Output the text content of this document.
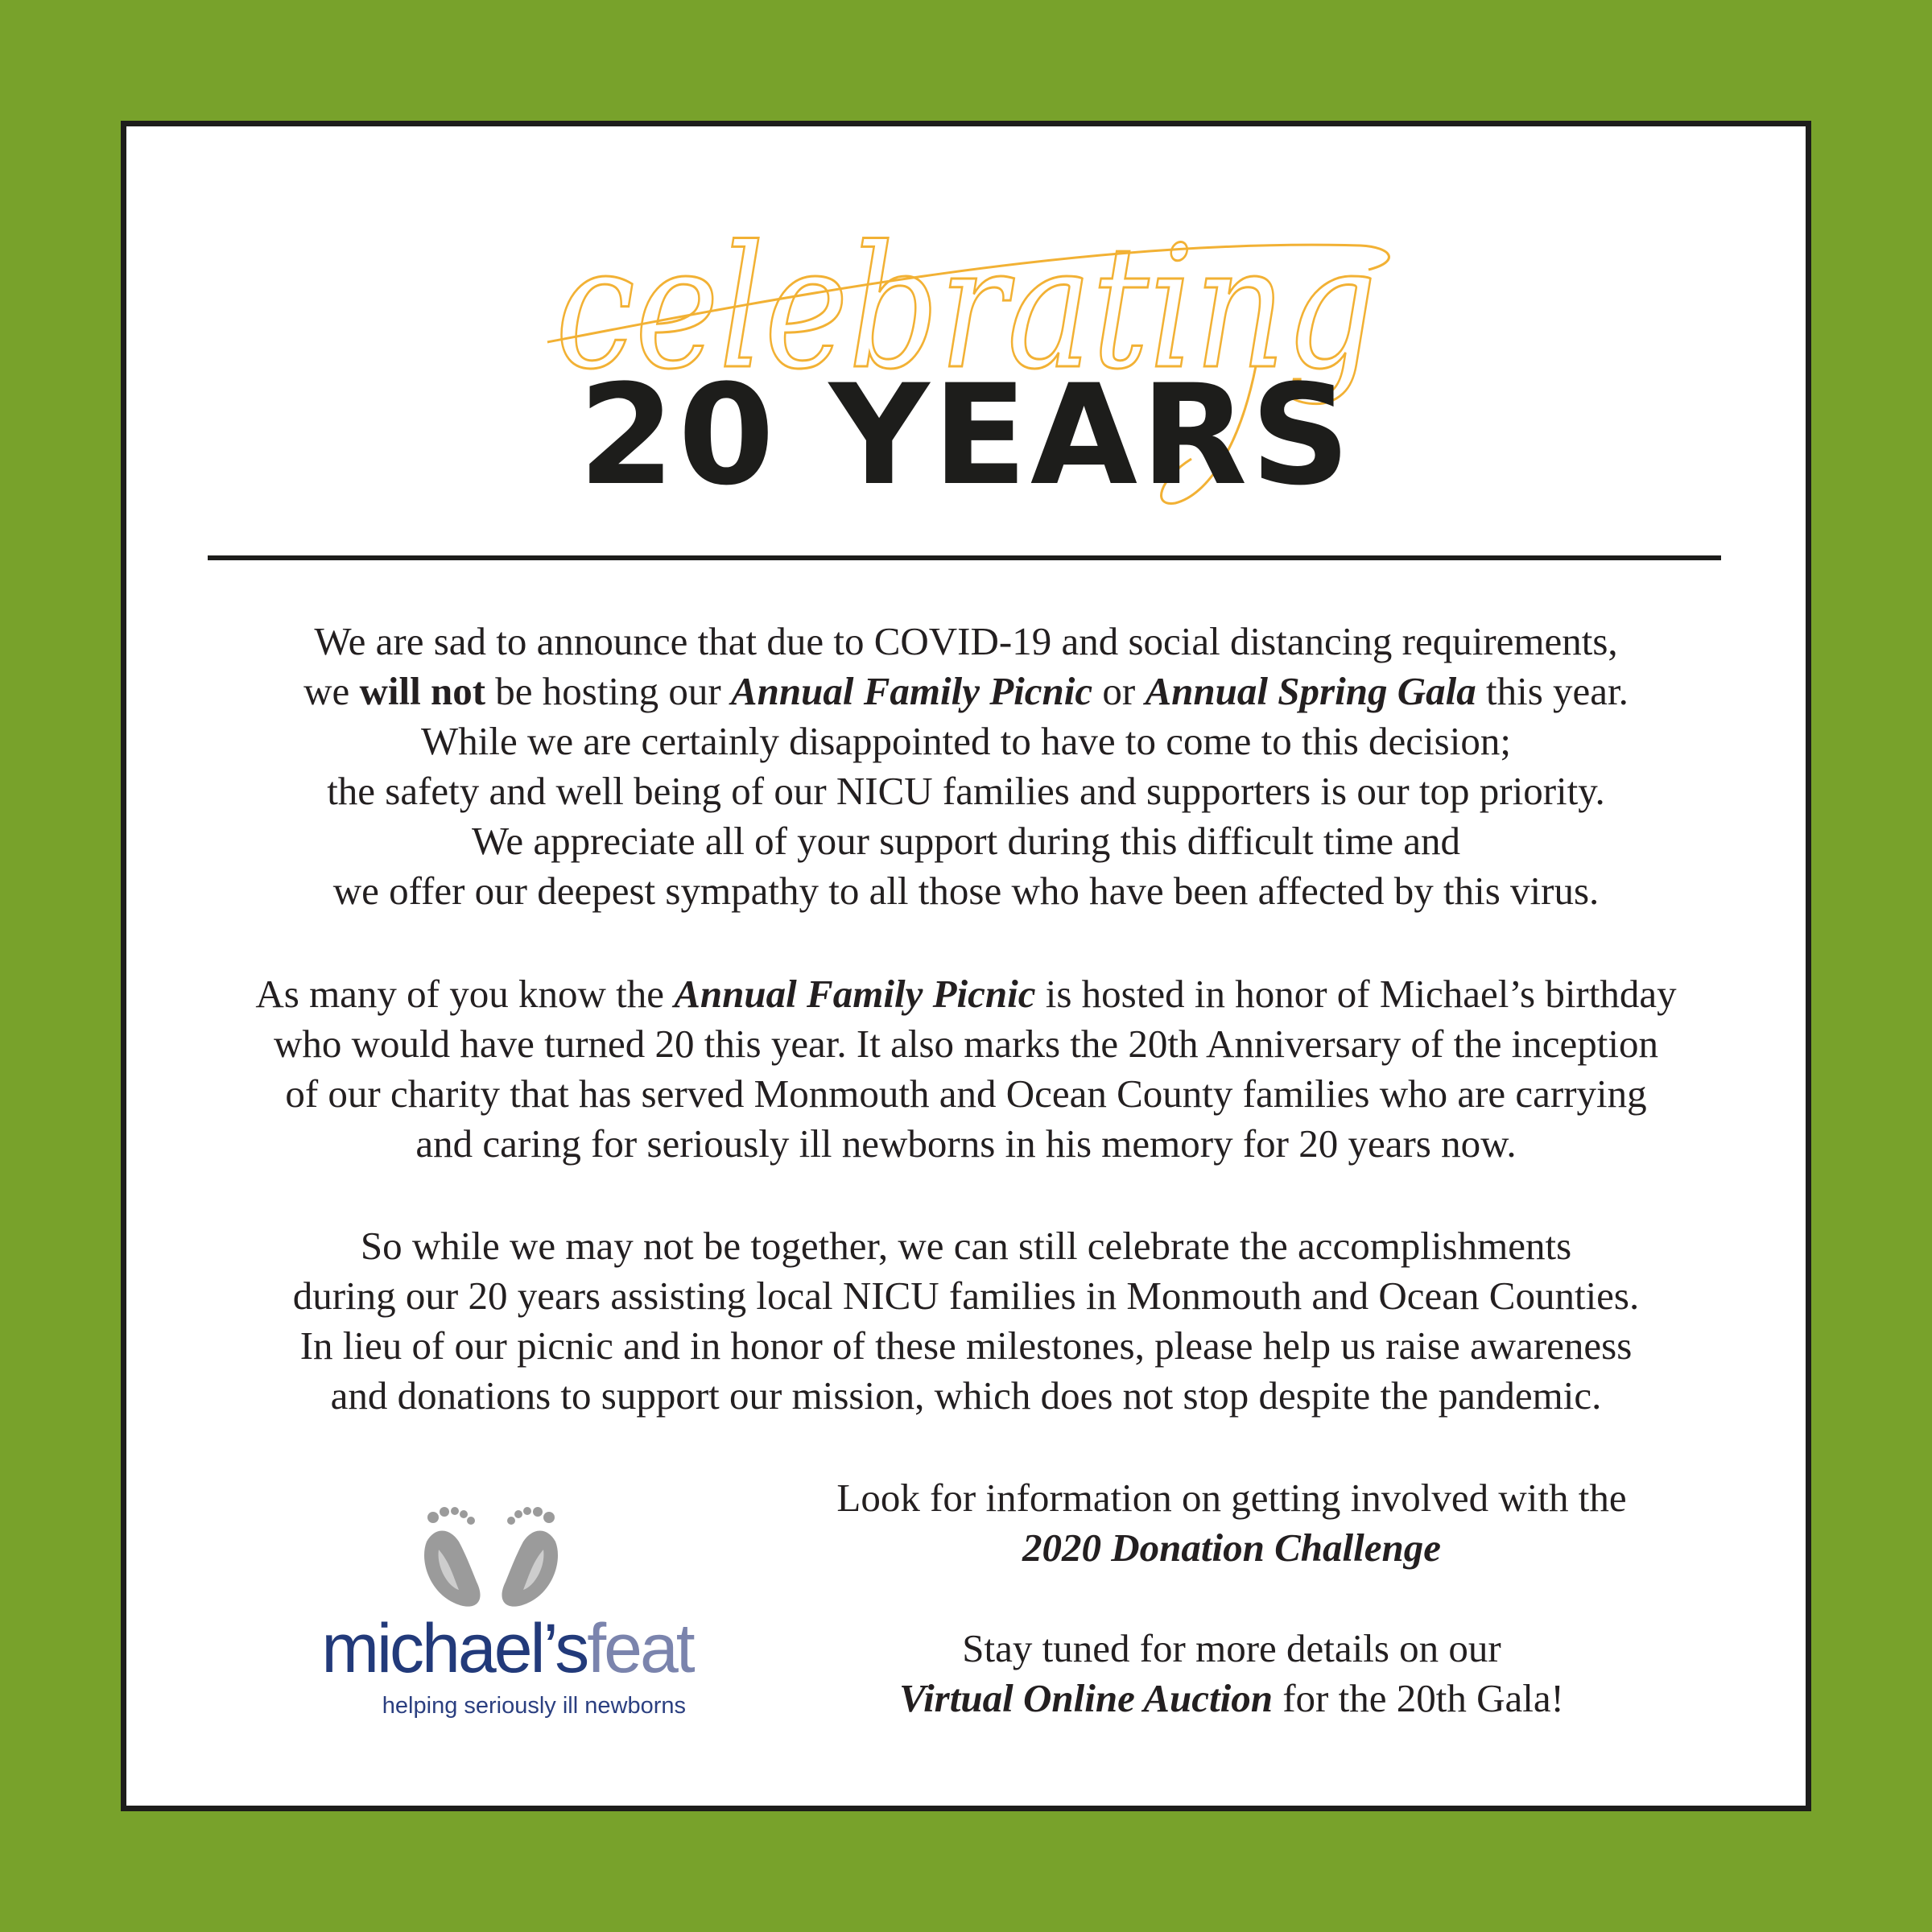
celebrating
20 YEARS
We are sad to announce that due to COVID-19 and social distancing requirements,
we will not be hosting our Annual Family Picnic or Annual Spring Gala this year.
While we are certainly disappointed to have to come to this decision;
the safety and well being of our NICU families and supporters is our top priority.
We appreciate all of your support during this difficult time and
we offer our deepest sympathy to all those who have been affected by this virus.
As many of you know the Annual Family Picnic is hosted in honor of Michael’s birthday
who would have turned 20 this year. It also marks the 20th Anniversary of the inception
of our charity that has served Monmouth and Ocean County families who are carrying
and caring for seriously ill newborns in his memory for 20 years now.
So while we may not be together, we can still celebrate the accomplishments
during our 20 years assisting local NICU families in Monmouth and Ocean Counties.
In lieu of our picnic and in honor of these milestones, please help us raise awareness
and donations to support our mission, which does not stop despite the pandemic.
michael’sfeat
helping seriously ill newborns
Look for information on getting involved with the
2020 Donation Challenge
Stay tuned for more details on our
Virtual Online Auction for the 20th Gala!
